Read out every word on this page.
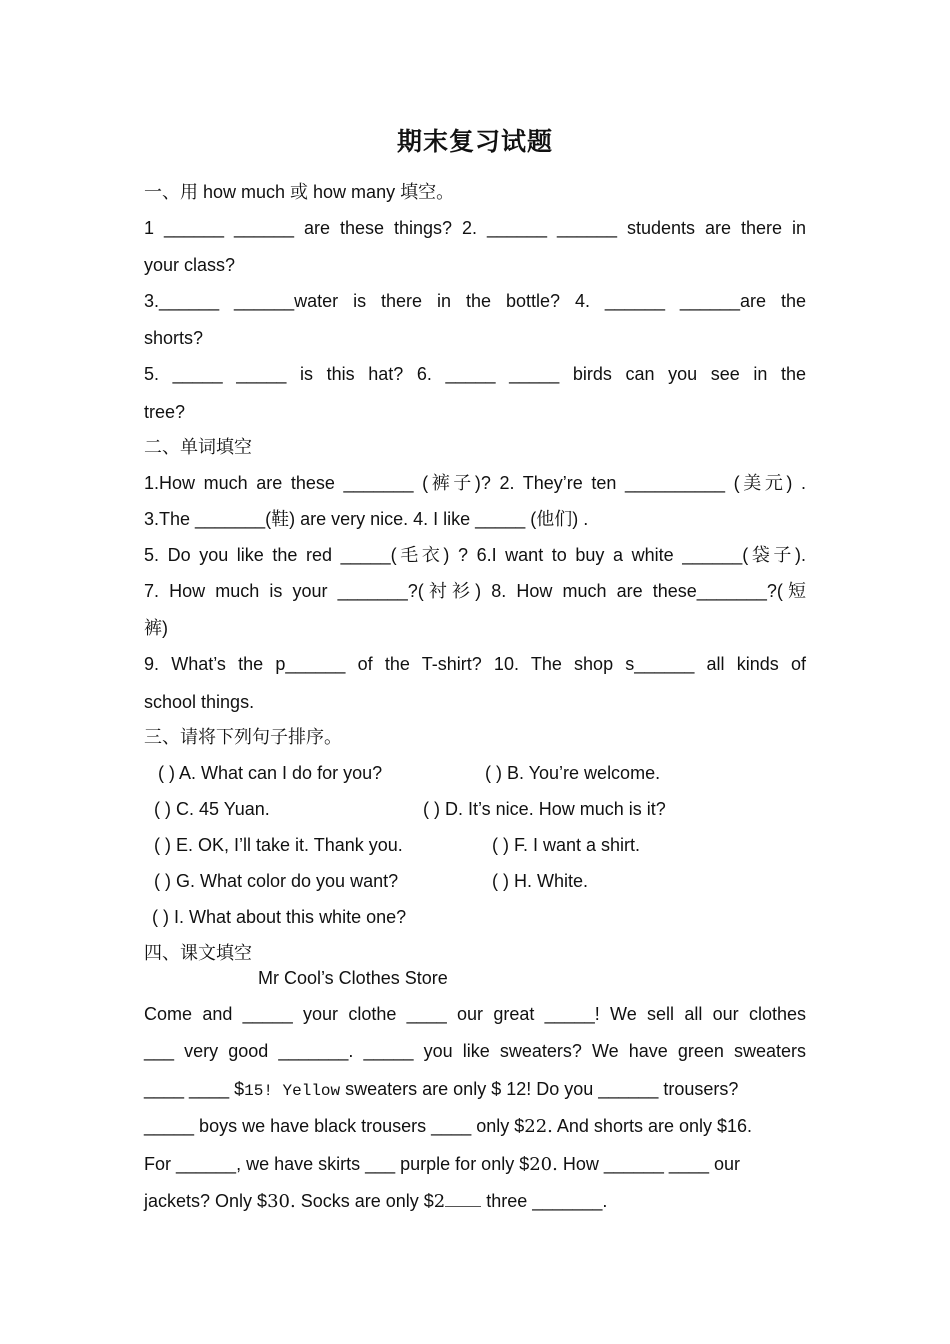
期末复习试题
一、用 how much 或 how many 填空。
1 ______ ______ are these things? 2. ______ ______ students are there in
your class?
3.______ ______water is there in the bottle? 4. ______ ______are the
shorts?
5. _____ _____ is this hat? 6. _____ _____ birds can you see in the
tree?
二、单词填空
1.How much are these _______ (裤子)? 2. They’re ten __________ (美元) .
3.The _______(鞋) are very nice. 4. I like _____ (他们) .
5. Do you like the red _____(毛衣) ? 6.I want to buy a white ______(袋子).
7. How much is your _______?(衬衫) 8. How much are these_______?(短
裤)
9. What’s the p______ of the T-shirt? 10. The shop s______ all kinds of
school things.
三、请将下列句子排序。
( ) A. What can I do for you?	( ) B. You’re welcome.
( ) C. 45 Yuan.	( ) D. It’s nice. How much is it?
( ) E. OK, I’ll take it. Thank you.	( ) F. I want a shirt.
( ) G. What color do you want?	( ) H. White.
( ) I. What about this white one?
四、课文填空
Mr Cool’s Clothes Store
Come and _____ your clothe ____ our great _____! We sell all our clothes
___ very good _______. _____ you like sweaters? We have green sweaters
____ ____ $15! Yellow sweaters are only $ 12! Do you ______ trousers?
_____ boys we have black trousers ____ only $22. And shorts are only $16.
For ______, we have skirts ___ purple for only $20. How ______ ____ our
jackets? Only $30. Socks are only $2 three _______.
